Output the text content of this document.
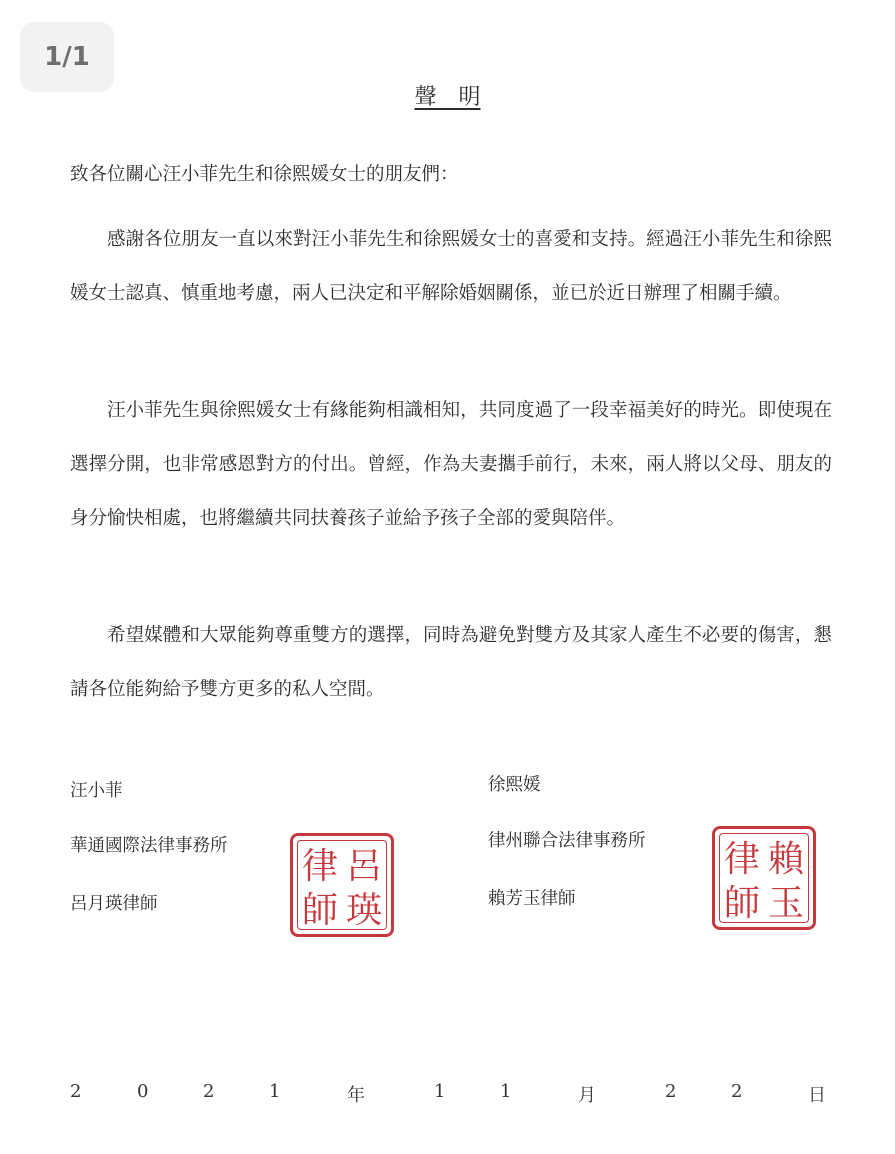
1/1
聲　明
致各位關心汪小菲先生和徐熙媛女士的朋友們：

感謝各位朋友一直以來對汪小菲先生和徐熙媛女士的喜愛和支持。經過汪小菲先生和徐熙媛女士認真、慎重地考慮，兩人已決定和平解除婚姻關係，並已於近日辦理了相關手續。

汪小菲先生與徐熙媛女士有緣能夠相識相知，共同度過了一段幸福美好的時光。即使現在選擇分開，也非常感恩對方的付出。曾經，作為夫妻攜手前行，未來，兩人將以父母、朋友的身分愉快相處，也將繼續共同扶養孩子並給予孩子全部的愛與陪伴。

希望媒體和大眾能夠尊重雙方的選擇，同時為避免對雙方及其家人產生不必要的傷害，懇請各位能夠給予雙方更多的私人空間。

汪小菲
華通國際法律事務所
呂月瑛律師
呂
律
瑛
師
徐熙媛
律州聯合法律事務所
賴芳玉律師
賴
律
玉
師
2	0	2	1	年	1	1	月	2	2	日
